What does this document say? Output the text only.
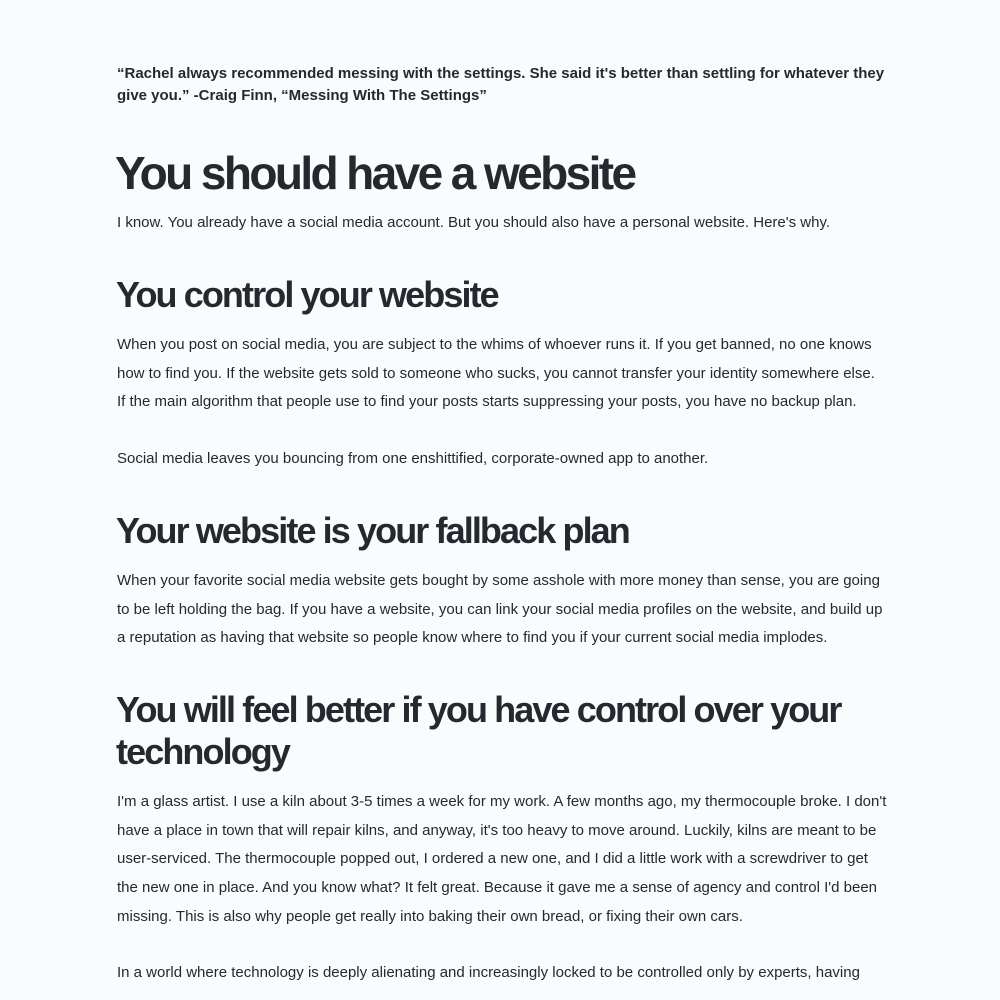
“Rachel always recommended messing with the settings. She said it's better than settling for whatever they give you.” -Craig Finn, “Messing With The Settings”

You should have a website

I know. You already have a social media account. But you should also have a personal website. Here's why.

You control your website

When you post on social media, you are subject to the whims of whoever runs it. If you get banned, no one knows how to find you. If the website gets sold to someone who sucks, you cannot transfer your identity somewhere else. If the main algorithm that people use to find your posts starts suppressing your posts, you have no backup plan.

Social media leaves you bouncing from one enshittified, corporate-owned app to another.

Your website is your fallback plan

When your favorite social media website gets bought by some asshole with more money than sense, you are going to be left holding the bag. If you have a website, you can link your social media profiles on the website, and build up a reputation as having that website so people know where to find you if your current social media implodes.

You will feel better if you have control over your technology

I'm a glass artist. I use a kiln about 3-5 times a week for my work. A few months ago, my thermocouple broke. I don't have a place in town that will repair kilns, and anyway, it's too heavy to move around. Luckily, kilns are meant to be user-serviced. The thermocouple popped out, I ordered a new one, and I did a little work with a screwdriver to get the new one in place. And you know what? It felt great. Because it gave me a sense of agency and control I'd been missing. This is also why people get really into baking their own bread, or fixing their own cars.

In a world where technology is deeply alienating and increasingly locked to be controlled only by experts, having
